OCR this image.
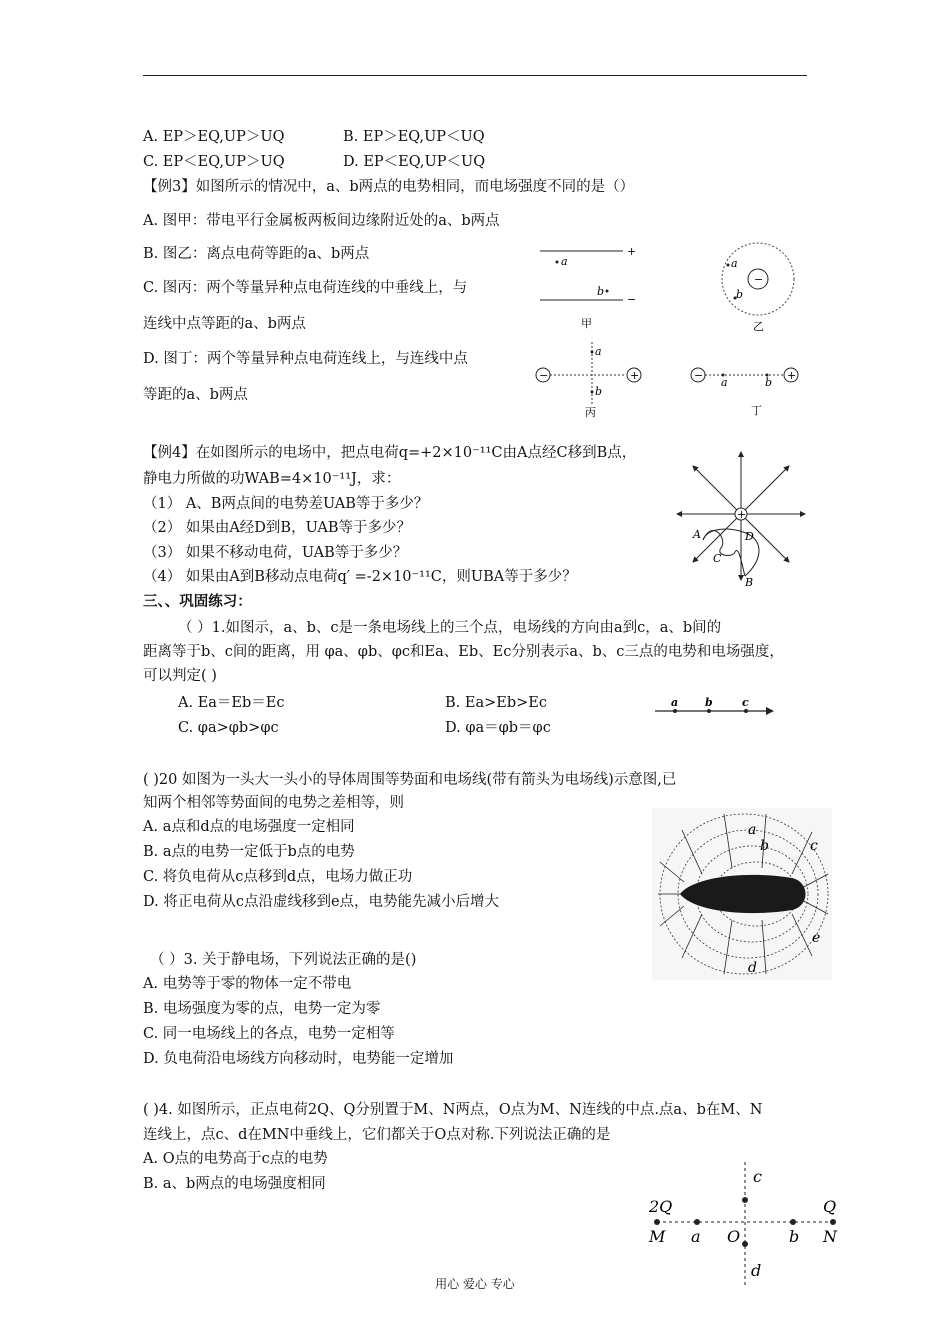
A. EP＞EQ,UP＞UQ	B. EP＞EQ,UP＜UQ
C. EP＜EQ,UP＞UQ	D. EP＜EQ,UP＜UQ
【例3】如图所示的情况中，a、b两点的电势相同，而电场强度不同的是（）
A. 图甲：带电平行金属板两板间边缘附近处的a、b两点
B. 图乙：离点电荷等距的a、b两点
C. 图丙：两个等量异种点电荷连线的中垂线上，与
连线中点等距的a、b两点
D. 图丁：两个等量异种点电荷连线上，与连线中点
等距的a、b两点
【例4】在如图所示的电场中，把点电荷q=+2×10⁻¹¹C由A点经C移到B点，
静电力所做的功WAB=4×10⁻¹¹J，求：
（1） A、B两点间的电势差UAB等于多少？
（2） 如果由A经D到B，UAB等于多少？
（3） 如果不移动电荷，UAB等于多少？
（4） 如果由A到B移动点电荷q′ =-2×10⁻¹¹C，则UBA等于多少？
三、、巩固练习：
（ ）1.如图示，a、b、c是一条电场线上的三个点，电场线的方向由a到c，a、b间的
距离等于b、c间的距离，用 φa、φb、φc和Ea、Eb、Ec分别表示a、b、c三点的电势和电场强度，
可以判定( )
A. Ea＝Eb＝Ec	B. Ea>Eb>Ec
C. φa>φb>φc	D. φa＝φb＝φc
( )20 如图为一头大一头小的导体周围等势面和电场线(带有箭头为电场线)示意图,已
知两个相邻等势面间的电势之差相等，则
A. a点和d点的电场强度一定相同
B. a点的电势一定低于b点的电势
C. 将负电荷从c点移到d点，电场力做正功
D. 将正电荷从c点沿虚线移到e点，电势能先减小后增大
（ ）3. 关于静电场，下列说法正确的是()
A. 电势等于零的物体一定不带电
B. 电场强度为零的点，电势一定为零
C. 同一电场线上的各点，电势一定相等
D. 负电荷沿电场线方向移动时，电势能一定增加
( )4. 如图所示，正点电荷2Q、Q分别置于M、N两点，O点为M、N连线的中点.点a、b在M、N
连线上，点c、d在MN中垂线上，它们都关于O点对称.下列说法正确的是
A. O点的电势高于c点的电势
B. a、b两点的电场强度相同
+
a
−
b
甲
−
a
b
乙
−	+
a
b
丙
−	+
a	b
丁
+
A
C
D
B
a b	c
a
b	c
e
d
2Q	Q
M a O	b N
c
d
用心 爱心 专心
